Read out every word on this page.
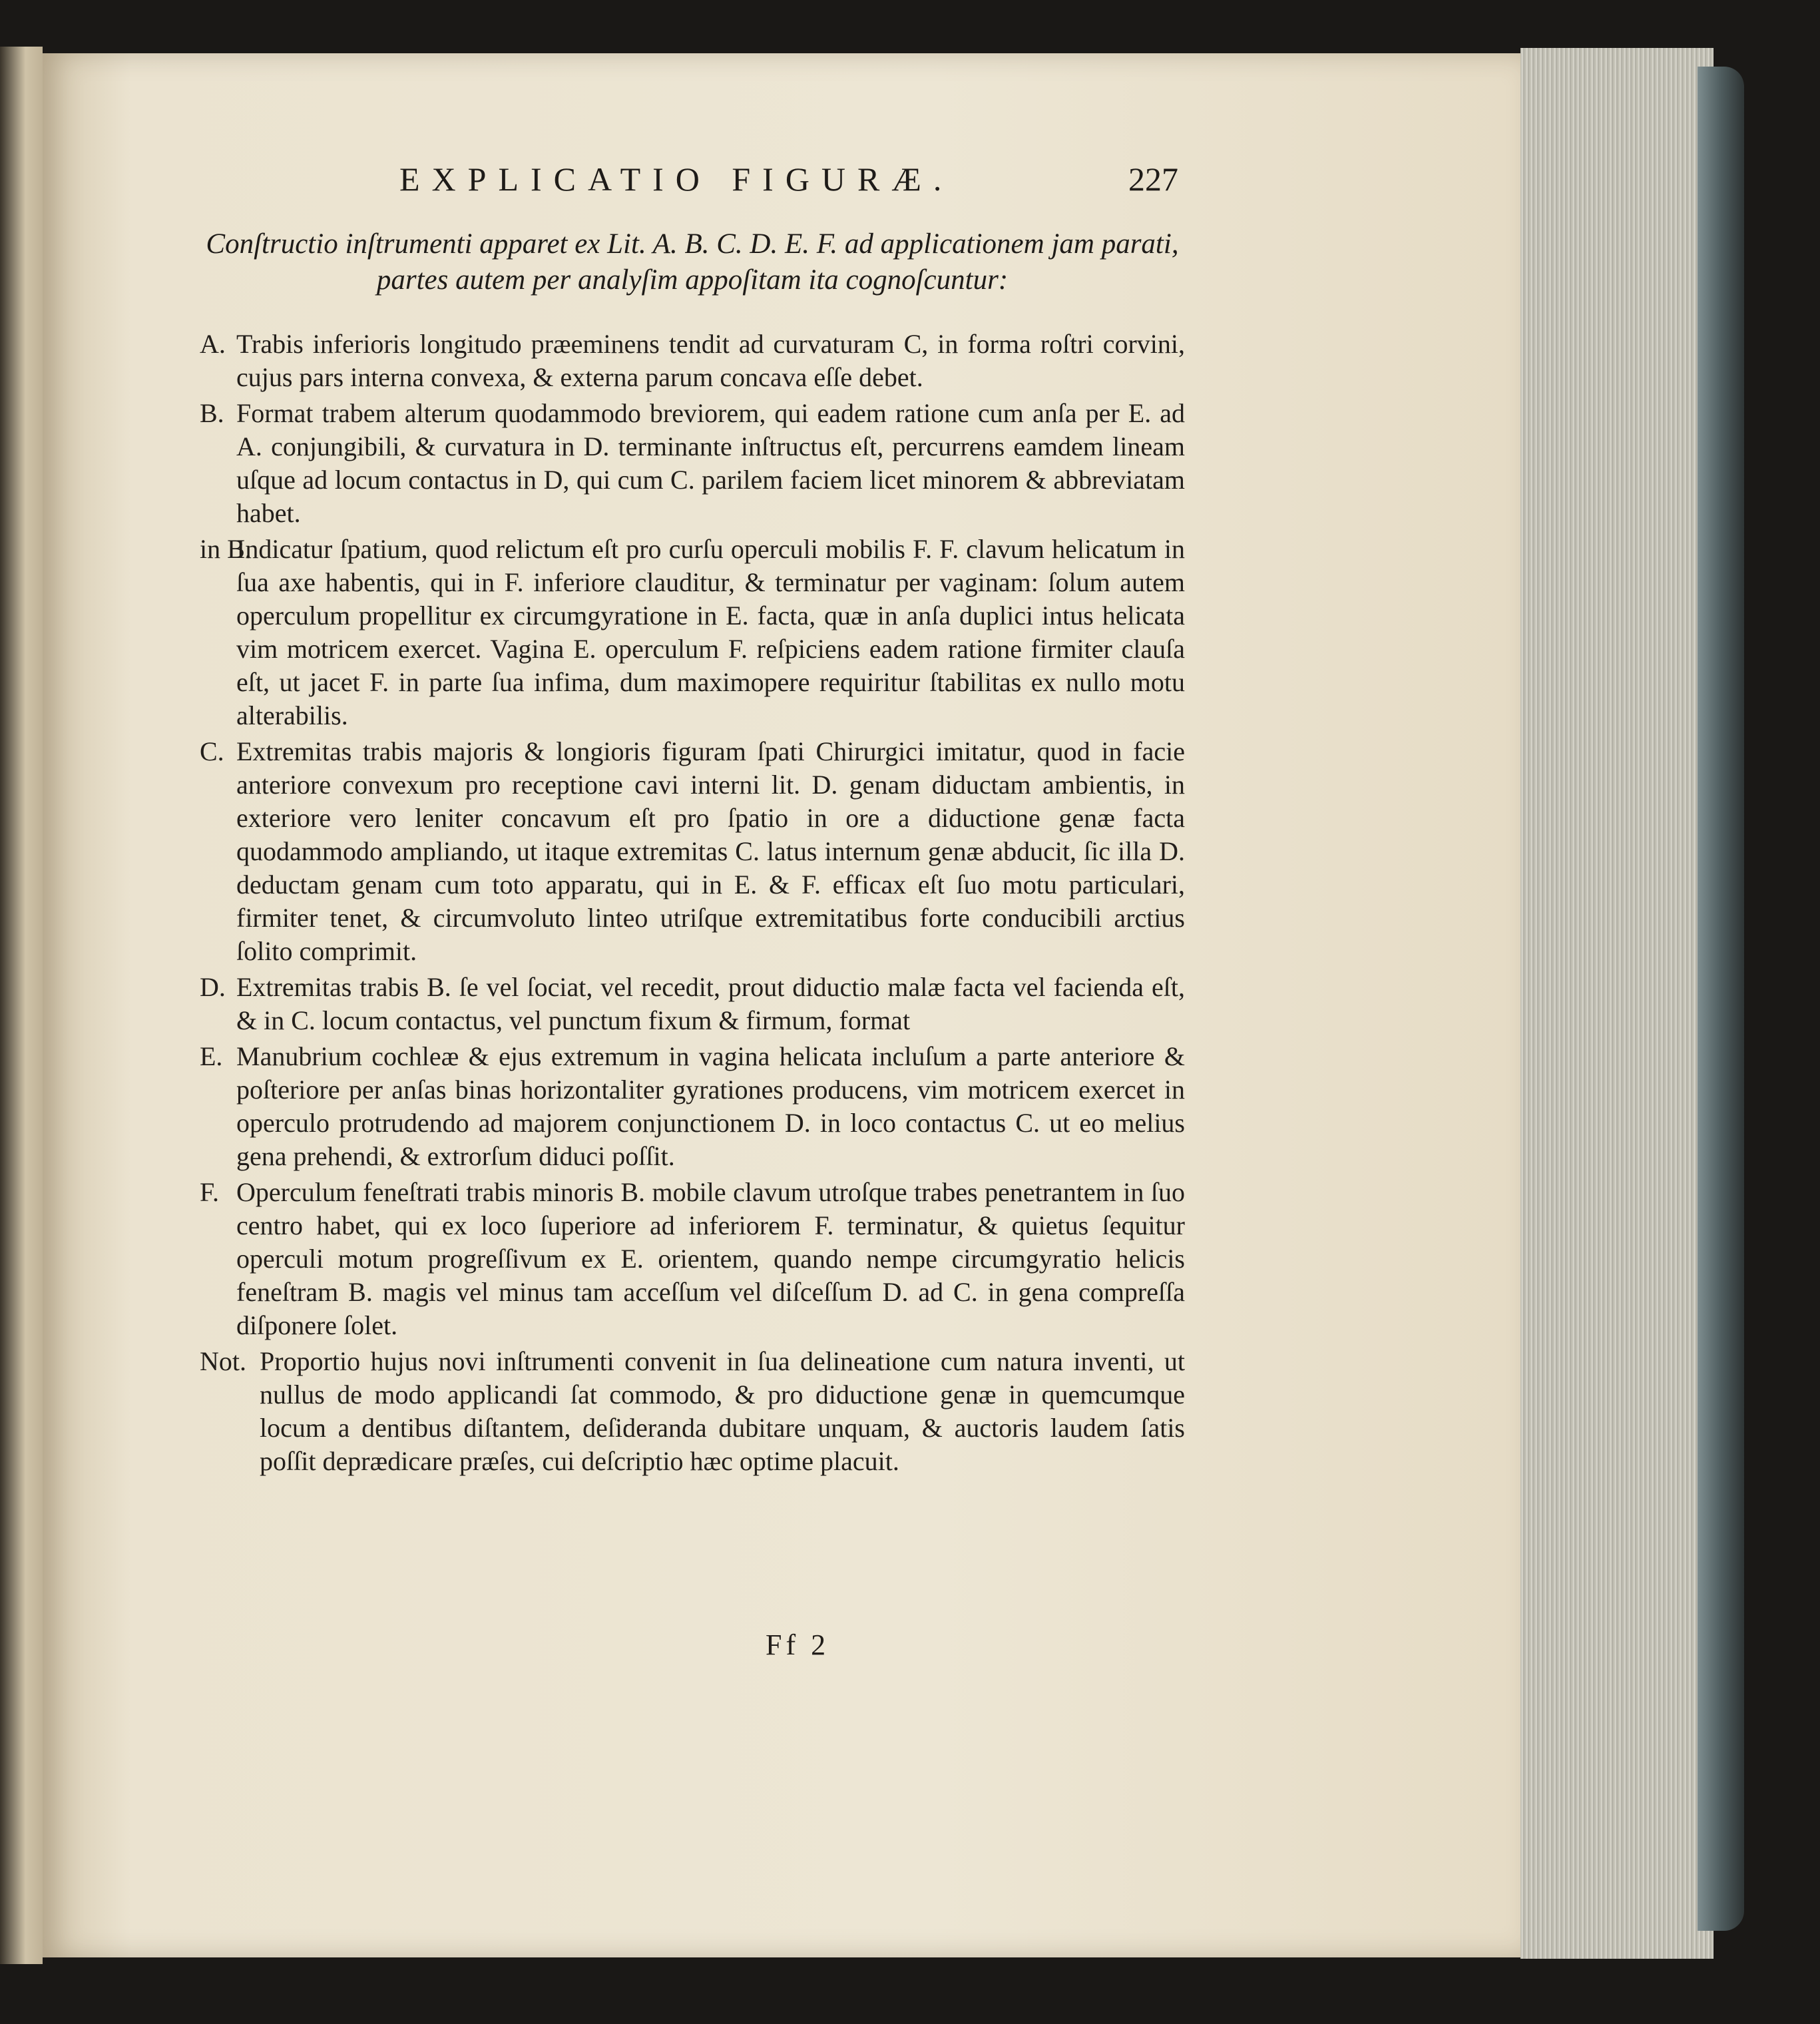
EXPLICATIO FIGURÆ.	227
Conſtructio inſtrumenti apparet ex Lit. A. B. C. D. E. F. ad applicationem jam parati, partes autem per analyſim appoſitam ita cognoſcuntur:
A. Trabis inferioris longitudo præeminens tendit ad curvaturam C, in forma roſtri corvini, cujus pars interna convexa, & externa parum concava eſſe debet.
B. Format trabem alterum quodammodo breviorem, qui eadem ratione cum anſa per E. ad A. conjungibili, & curvatura in D. terminante inſtructus eſt, percurrens eamdem lineam uſque ad locum contactus in D, qui cum C. parilem faciem licet minorem & abbreviatam habet.
in B.
Indicatur ſpatium, quod relictum eſt pro curſu operculi mobilis F. F. clavum helicatum in ſua axe habentis, qui in F. inferiore clauditur, & terminatur per vaginam: ſolum autem operculum propellitur ex circumgyratione in E. facta, quæ in anſa duplici intus helicata vim motricem exercet. Vagina E. operculum F. reſpiciens eadem ratione firmiter clauſa eſt, ut jacet F. in parte ſua infima, dum maximopere requiritur ſtabilitas ex nullo motu alterabilis.
C. Extremitas trabis majoris & longioris figuram ſpati Chirurgici imitatur, quod in facie anteriore convexum pro receptione cavi interni lit. D. genam diductam ambientis, in exteriore vero leniter concavum eſt pro ſpatio in ore a diductione genæ facta quodammodo ampliando, ut itaque extremitas C. latus internum genæ abducit, ſic illa D. deductam genam cum toto apparatu, qui in E. & F. efficax eſt ſuo motu particulari, firmiter tenet, & circumvoluto linteo utriſque extremitatibus forte conducibili arctius ſolito comprimit.
D. Extremitas trabis B. ſe vel ſociat, vel recedit, prout diductio malæ facta vel facienda eſt, & in C. locum contactus, vel punctum fixum & firmum, format
E. Manubrium cochleæ & ejus extremum in vagina helicata incluſum a parte anteriore & poſteriore per anſas binas horizontaliter gyrationes producens, vim motricem exercet in operculo protrudendo ad majorem conjunctionem D. in loco contactus C. ut eo melius gena prehendi, & extrorſum diduci poſſit.
F. Operculum feneſtrati trabis minoris B. mobile clavum utroſque trabes penetrantem in ſuo centro habet, qui ex loco ſuperiore ad inferiorem F. terminatur, & quietus ſequitur operculi motum progreſſivum ex E. orientem, quando nempe circumgyratio helicis feneſtram B. magis vel minus tam acceſſum vel diſceſſum D. ad C. in gena compreſſa diſponere ſolet.
Not. Proportio hujus novi inſtrumenti convenit in ſua delineatione cum natura inventi, ut nullus de modo applicandi ſat commodo, & pro diductione genæ in quemcumque locum a dentibus diſtantem, deſideranda dubitare unquam, & auctoris laudem ſatis poſſit deprædicare præſes, cui deſcriptio hæc optime placuit.
Ff 2
